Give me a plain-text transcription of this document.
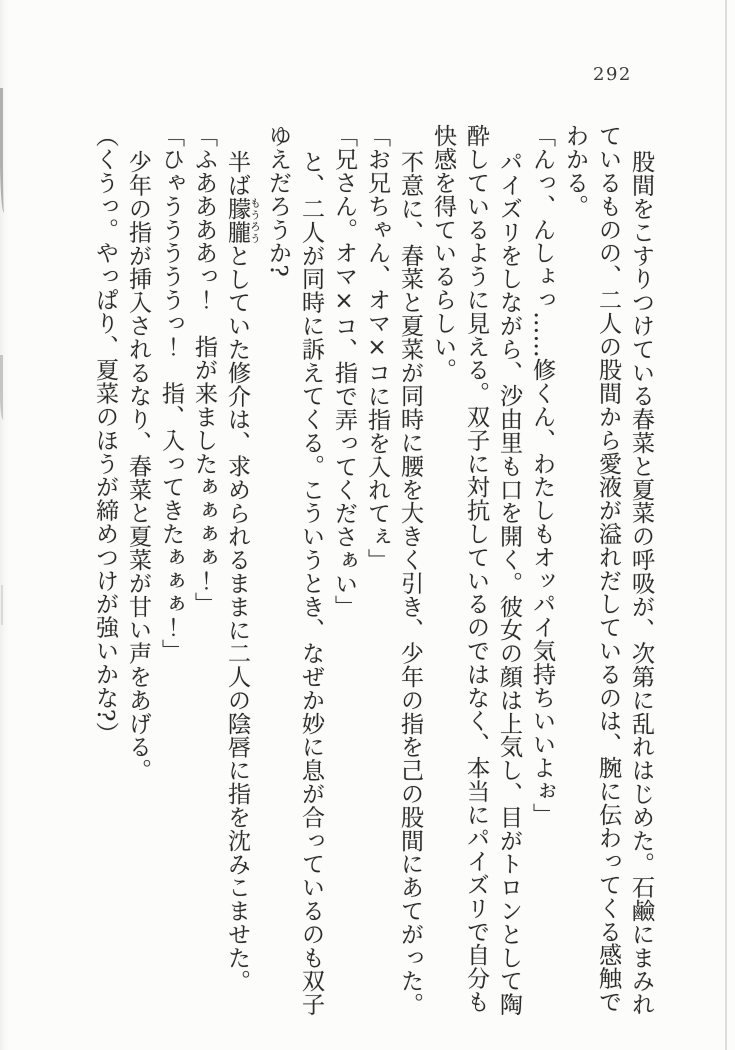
292

股間をこすりつけている春菜と夏菜の呼吸が、次第に乱れはじめた。石鹼にまみれ

ているものの、二人の股間から愛液が溢れだしているのは、腕に伝わってくる感触で

わかる。

「んっ、んしょっ……修くん、わたしもオッパイ気持ちいいよぉ」

パイズリをしながら、沙由里も口を開く。彼女の顔は上気し、目がトロンとして陶

酔しているように見える。双子に対抗しているのではなく、本当にパイズリで自分も

快感を得ているらしい。

不意に、春菜と夏菜が同時に腰を大きく引き、少年の指を己の股間にあてがった。

「お兄ちゃん、オマ×コに指を入れてぇ」

「兄さん。オマ×コ、指で弄ってくださぁい」

と、二人が同時に訴えてくる。こういうとき、なぜか妙に息が合っているのも双子

ゆえだろうか?

半ば朦朧 もうろうとしていた修介は、求められるままに二人の陰唇に指を沈みこませた。

「ふああああっ！　指が来ましたぁぁぁぁ！」

「ひゃうううううっ！　指、入ってきたぁぁぁ！」

少年の指が挿入されるなり、春菜と夏菜が甘い声をあげる。

（くうっ。やっぱり、夏菜のほうが締めつけが強いかな?）
